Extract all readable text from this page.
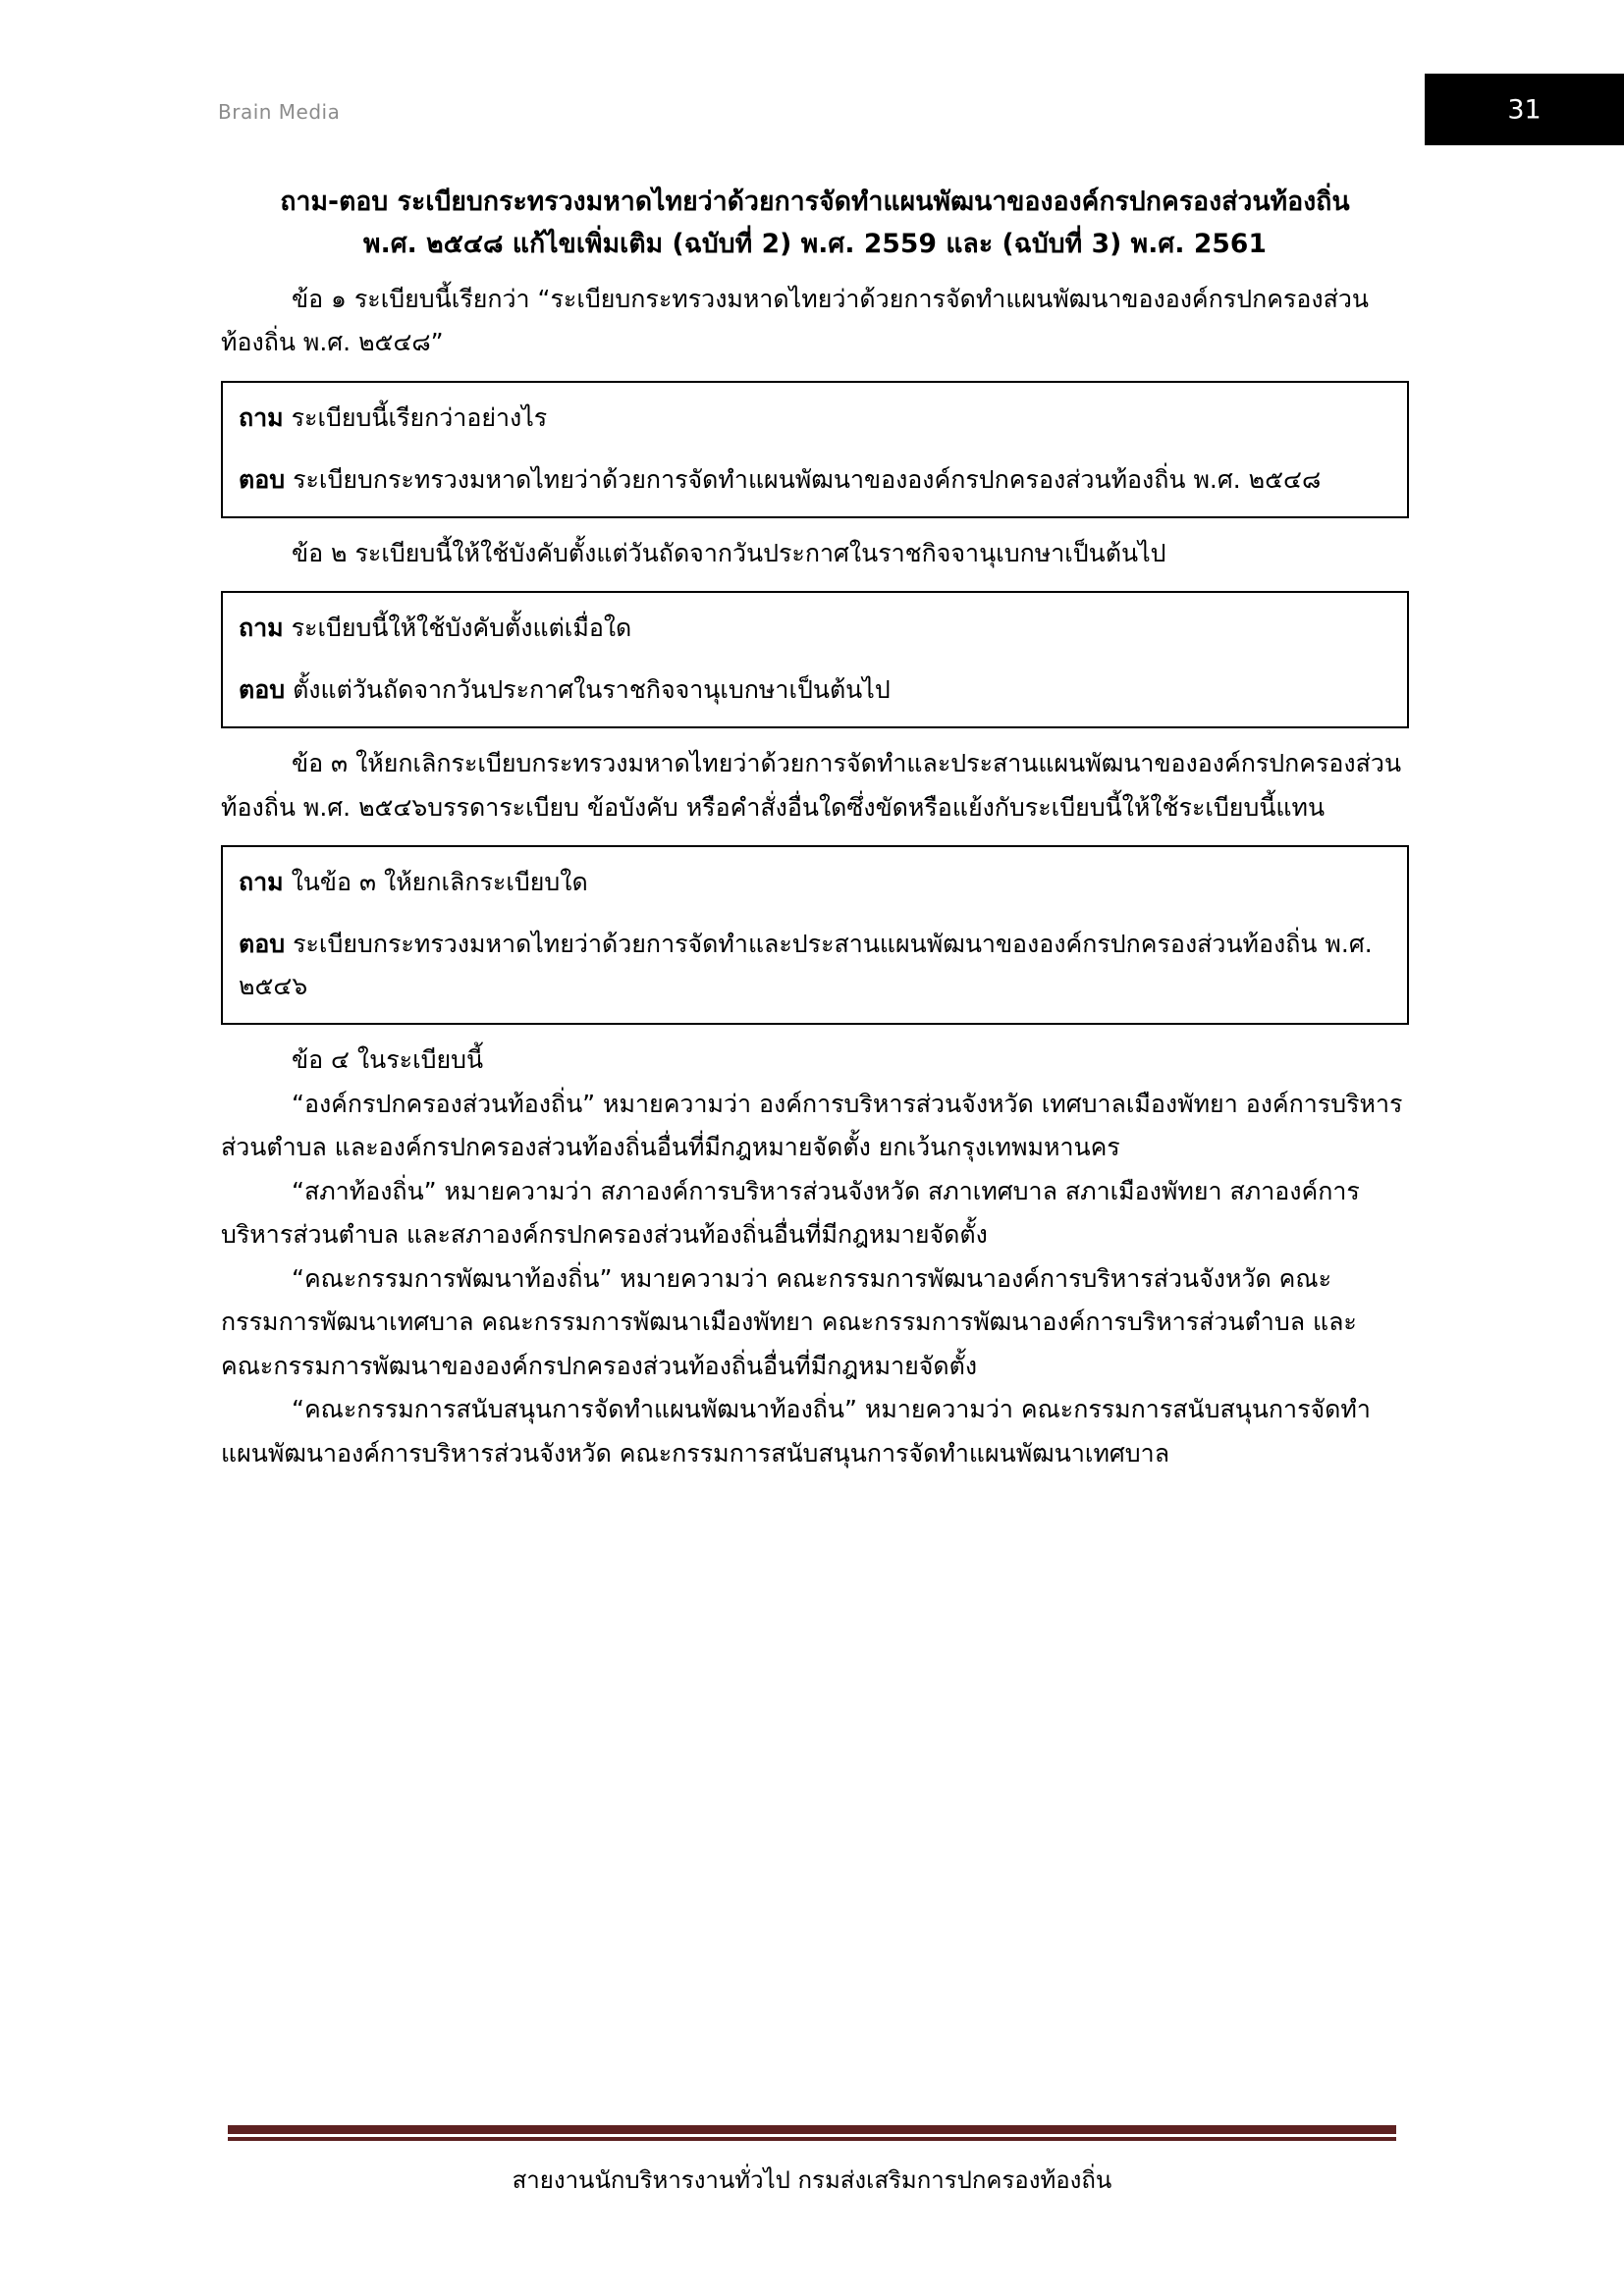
Brain Media	31
ถาม-ตอบ ระเบียบกระทรวงมหาดไทยว่าด้วยการจัดทำแผนพัฒนาขององค์กรปกครองส่วนท้องถิ่น
พ.ศ. ๒๕๔๘ แก้ไขเพิ่มเติม (ฉบับที่ 2) พ.ศ. 2559 และ (ฉบับที่ 3) พ.ศ. 2561

ข้อ ๑ ระเบียบนี้เรียกว่า “ระเบียบกระทรวงมหาดไทยว่าด้วยการจัดทำแผนพัฒนาขององค์กรปกครองส่วนท้องถิ่น พ.ศ. ๒๕๔๘”

ถาม ระเบียบนี้เรียกว่าอย่างไร

ตอบ ระเบียบกระทรวงมหาดไทยว่าด้วยการจัดทำแผนพัฒนาขององค์กรปกครองส่วนท้องถิ่น พ.ศ. ๒๕๔๘

ข้อ ๒ ระเบียบนี้ให้ใช้บังคับตั้งแต่วันถัดจากวันประกาศในราชกิจจานุเบกษาเป็นต้นไป

ถาม ระเบียบนี้ให้ใช้บังคับตั้งแต่เมื่อใด

ตอบ ตั้งแต่วันถัดจากวันประกาศในราชกิจจานุเบกษาเป็นต้นไป

ข้อ ๓ ให้ยกเลิกระเบียบกระทรวงมหาดไทยว่าด้วยการจัดทำและประสานแผนพัฒนาขององค์กรปกครองส่วนท้องถิ่น พ.ศ. ๒๕๔๖บรรดาระเบียบ ข้อบังคับ หรือคำสั่งอื่นใดซึ่งขัดหรือแย้งกับระเบียบนี้ให้ใช้ระเบียบนี้แทน

ถาม ในข้อ ๓ ให้ยกเลิกระเบียบใด

ตอบ ระเบียบกระทรวงมหาดไทยว่าด้วยการจัดทำและประสานแผนพัฒนาขององค์กรปกครองส่วนท้องถิ่น พ.ศ. ๒๕๔๖

ข้อ ๔ ในระเบียบนี้

“องค์กรปกครองส่วนท้องถิ่น” หมายความว่า องค์การบริหารส่วนจังหวัด เทศบาลเมืองพัทยา องค์การบริหารส่วนตำบล และองค์กรปกครองส่วนท้องถิ่นอื่นที่มีกฎหมายจัดตั้ง ยกเว้นกรุงเทพมหานคร

“สภาท้องถิ่น” หมายความว่า สภาองค์การบริหารส่วนจังหวัด สภาเทศบาล สภาเมืองพัทยา สภาองค์การบริหารส่วนตำบล และสภาองค์กรปกครองส่วนท้องถิ่นอื่นที่มีกฎหมายจัดตั้ง

“คณะกรรมการพัฒนาท้องถิ่น” หมายความว่า คณะกรรมการพัฒนาองค์การบริหารส่วนจังหวัด คณะกรรมการพัฒนาเทศบาล คณะกรรมการพัฒนาเมืองพัทยา คณะกรรมการพัฒนาองค์การบริหารส่วนตำบล และคณะกรรมการพัฒนาขององค์กรปกครองส่วนท้องถิ่นอื่นที่มีกฎหมายจัดตั้ง

“คณะกรรมการสนับสนุนการจัดทำแผนพัฒนาท้องถิ่น” หมายความว่า คณะกรรมการสนับสนุนการจัดทำแผนพัฒนาองค์การบริหารส่วนจังหวัด คณะกรรมการสนับสนุนการจัดทำแผนพัฒนาเทศบาล

สายงานนักบริหารงานทั่วไป กรมส่งเสริมการปกครองท้องถิ่น
